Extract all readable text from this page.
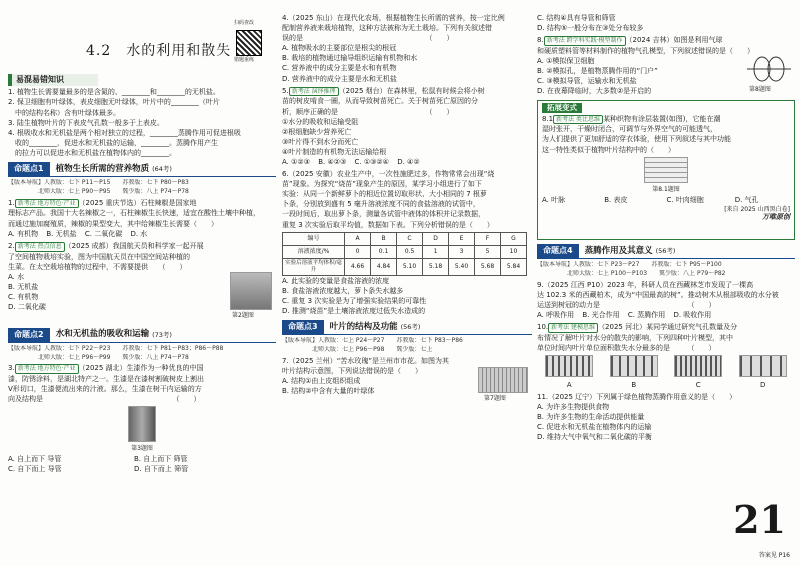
4.2　水的利用和散失
扫码查改
错题重练
易混易错知识
1. 植物生长需要量最多的是含氮的、________和________的无机盐。
2. 保卫细胞有叶绿体，表皮细胞无叶绿体，叶片中的________（叶片
　中的结构名称）含有叶绿体最多。
3. 陆生植物叶片的下表皮气孔数一般多于上表皮。
4. 根吸收水和无机盐是两个相对独立的过程，________蒸腾作用可促进根吸
　收的________，促进水和无机盐的运输，________。蒸腾作用产生
　的拉力可以促进水和无机盐在植物体内的________。
命题点1	植物生长所需的营养物质 (64考)
【版本导航】人教版：七下 P11～P15　　苏教版：七下 P80～P83
　　　　　北师大版：七上 P90～P95　　冀少版：八上 P74～P78
1. 新考法 地方特色·产业 （2025 重庆节选）石柱辣椒是国家地
理标志产品。我国十大名辣椒之一，石柱辣椒生长快速，适宜在酸性土壤中种植，
而通过施加腐殖质，辣椒的果型变大，其中给辣椒生长需要（　　）
A. 有机物 B. 无机盐 C. 二氧化碳 D. 水
2. 新考法 热点信息 （2025 成都）我国航天员和科学家一起开展
了空间植物栽培实验，图为中国航天员在中国空间站种植的
生菜。在太空栽培植物的过程中，不需要提供　　（　　）
A. 水
B. 无机盐
C. 有机物
D. 二氧化碳
第2题图
命题点2	水和无机盐的吸收和运输 (73考)
【版本导航】人教版：七下 P22～P23　　苏教版：七下 P81～P83；P86～P88
　　　　　北师大版：七上 P96～P99　　冀少版：八上 P74～P78
3. 新考法 地方特色·产业 （2025 湖北）生漆作为一种优良的中国
漆，防锈涂料，是湖北特产之一。生漆是在漆树割破树皮上割出
V形切口，生漆便流出来的汁液。那么，生漆在树干内运输的方
向及结构是　　　　　　　　　　　　　　　　　　　（　　）
第3题图
A. 自上而下 导管	B. 自上而下 筛管
C. 自下而上 导管	D. 自下而上 筛管
4.（2025 东山）在现代化农场，根据植物生长所需的营养，按一定比例
配制营养液来栽培植物，这种方法被称为无土栽培。下列有关叙述错
误的是　　　　　　　　　　　　　　　　　　（　　）
A. 植物吸水的主要部位是根尖的根冠
B. 栽培的植物通过输导组织运输有机物和水
C. 营养液中的成分主要是水和有机物
D. 营养液中的成分主要是水和无机盐
5. 新考法 演绎推理 （2025 烟台）在森林里，松鼠有时候会将小树
苗的树皮啃食一圈，从而导致树苗死亡。关于树苗死亡原因的分
析，顺序正确的是　　　　　　　　　　　　　（　　）
①水分的吸收和运输受阻
②根细胞缺少营养死亡
③叶片得不到水分而死亡
④叶片制造的有机物无法运输给根
A. ①②③ B. ④②③ C. ①③②④ D. ④②
6.（2025 安徽）农业生产中，一次性施肥过多，作物常常会出现“烧
苗”现象。为探究“烧苗”现象产生的原因，某学习小组进行了如下
实验：从同一个新鲜萝卜的相近位置切取形状、大小相同的 7 根萝
卜条，分别放到盛有 5 毫升溶液浓度不同的食盐溶液的试管中，
一段时间后，取出萝卜条，测量各试管中液体的体积并记录数据，
重复 3 次实验后取平均值，数据如下表。下列分析错误的是（　　）
编号	A	B	C	D	E	F	G
溶液浓度/%	0	0.1	0.5	1	3	5	10
实验后溶液平均体积/毫升	4.66	4.84	5.10	5.18	5.40	5.68	5.84
A. 此实验的变量是食盐溶液的浓度
B. 食盐溶液浓度越大，萝卜条失水越多
C. 重复 3 次实验是为了增强实验结果的可靠性
D. 推测“烧苗”是土壤溶液浓度过低失水造成的
命题点3	叶片的结构及功能 (56考)
【版本导航】人教版：七上 P24～P27　　苏教版：七下 P83～P86
　　　　　北师大版：七上 P96～P98　　冀少版：七上
7.（2025 兰州）“苦水玫瑰”是兰州市市花。如图为其
叶片结构示意图，下列说法错误的是（　　）
A. 结构①由上皮组织组成
B. 结构②中含有大量的叶绿体
第7题图
C. 结构④具有导管和筛管
D. 结构⑤一般分布在③处分布较多
8. 新考法 跨学科实践·模型制作 （2024 吉林）如图是利用气球
和硬质塑料管等材料制作的植物气孔模型，下列叙述错误的是（　　）
A. ①模拟保卫细胞
B. ②模拟孔，是植物蒸腾作用的“门户”
C. ③模拟导管，运输水和无机盐
D. 在夜幕降临时，大多数②是开启的	第8题图
拓展变式
8.1 新考法 类比思维 某种织物有涂层装置(如图)，它能在潮
湿时张开，干燥时闭合，可调节与外界空气的可能透气，
为人们提供了更加舒适的穿衣体验，使用下列叙述与其中功能
这一特性类似于植物叶片结构中的（　　）
第8.1题图
A. 叶脉	B. 表皮	C. 叶肉细胞	D. 气孔
[来自 2025 山西黑白卷]
万唯原创
命题点4	蒸腾作用及其意义 (56考)
【版本导航】人教版：七下 P23～P27　　苏教版：七下 P95～P100
　　　　　北师大版：七上 P100～P103　　冀少版：八上 P79～P82
9.（2025 江西 P10）2023 年，科研人员在西藏林芝市发现了一棵高
达 102.3 米的西藏柏木，成为“中国最高的树”。推动树木从根部吸收的水分被
运送到树冠的动力是　　　　　　　　　　　　　（　　）
A. 呼吸作用 B. 光合作用 C. 蒸腾作用 D. 吸收作用
10. 新考法 建模思维 （2025 河北）某同学通过研究气孔数量及分
布情况了解叶片对水分的散失的影响，下列四种叶片模型，其中
单位时间内叶片单位面积散失水分最多的是　　　（　　）
A	B	C	D
11.（2025 辽宁）下列属于绿色植物蒸腾作用意义的是（　　）
A. 为许多生物提供食物
B. 为许多生物的生命活动提供能量
C. 促进水和无机盐在植物体内的运输
D. 维持大气中氧气和二氧化碳的平衡
21
答案见 P16
